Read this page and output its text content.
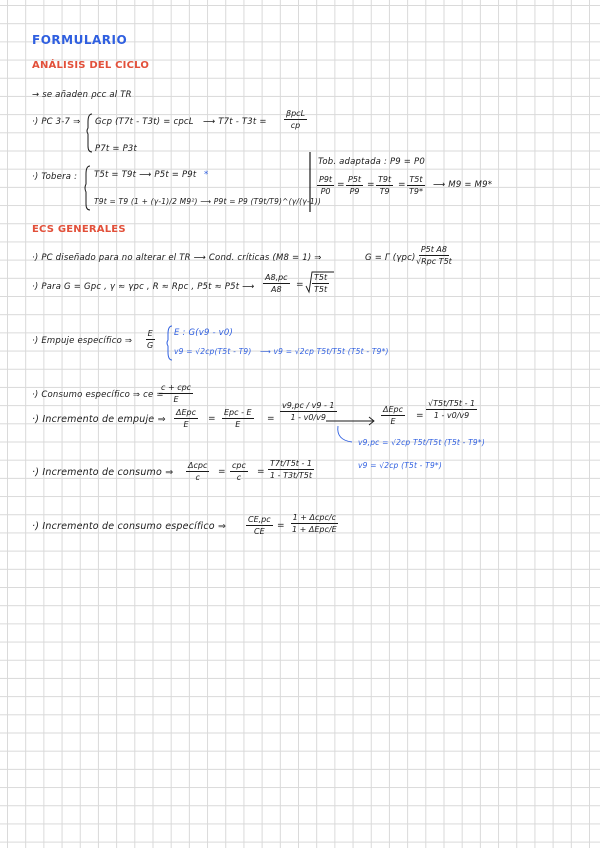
FORMULARIO
ANÁLISIS DEL CICLO
→ se añaden ρcc al TR
·) PC 3-7 ⇒ Gcp (T7t - T3t) = cpcL ⟶ T7t - T3t =
βpcL
cp
P7t = P3t
·) Tobera : T5t = T9t ⟶ P5t = P9t *
T9t = T9 (1 + (γ-1)/2 M9²) ⟶ P9t = P9 (T9t/T9)^(γ/(γ-1))
Tob. adaptada : P9 = P0
$\frac{P9t}{P0} = \frac{P5t}{P9} = \frac{T9t}{T9} = \frac{T5t}{T9*}$ ⟶ M9 = M9*
ECS GENERALES
·) PC diseñado para no alterar el TR ⟶ Cond. críticas (M8 = 1) ⇒	G = Γ (γpc)
P5t A8
√Rpc T5t
·) Para G = Gpc , γ ≈ γpc , R ≈ Rpc , P5t ≈ P5t ⟶ $\frac{A8,pc}{A8} = \frac{T5t}{T5t}$
·) Empuje específico ⇒ $\frac{E}{G}$ E : G(v9 - v0)
v9 = √2cp(T5t - T9) ⟶ v9 = √2cp T5t/T5t (T5t - T9*)
·) Consumo específico ⇒ ce =
c + cpc
E
·) Incremento de empuje ⇒
ΔEpc
E
=
Epc - E
E
= $\frac{v9,pc / v9 - 1}{1 - v0/v9}$	ΔEpc
E
= $\frac{√T5t/T5t - 1}{1 - v0/v9}$
v9,pc = √2cp T5t/T5t (T5t - T9*)
v9 = √2cp (T5t - T9*)
·) Incremento de consumo ⇒
Δcpc
c
=
cpc
c
= $\frac{T7t/T5t - 1}{1 - T3t/T5t}$
·) Incremento de consumo específico ⇒ $\frac{CE,pc}{CE}$ =
1 + Δcpc/c
1 + ΔEpc/E
